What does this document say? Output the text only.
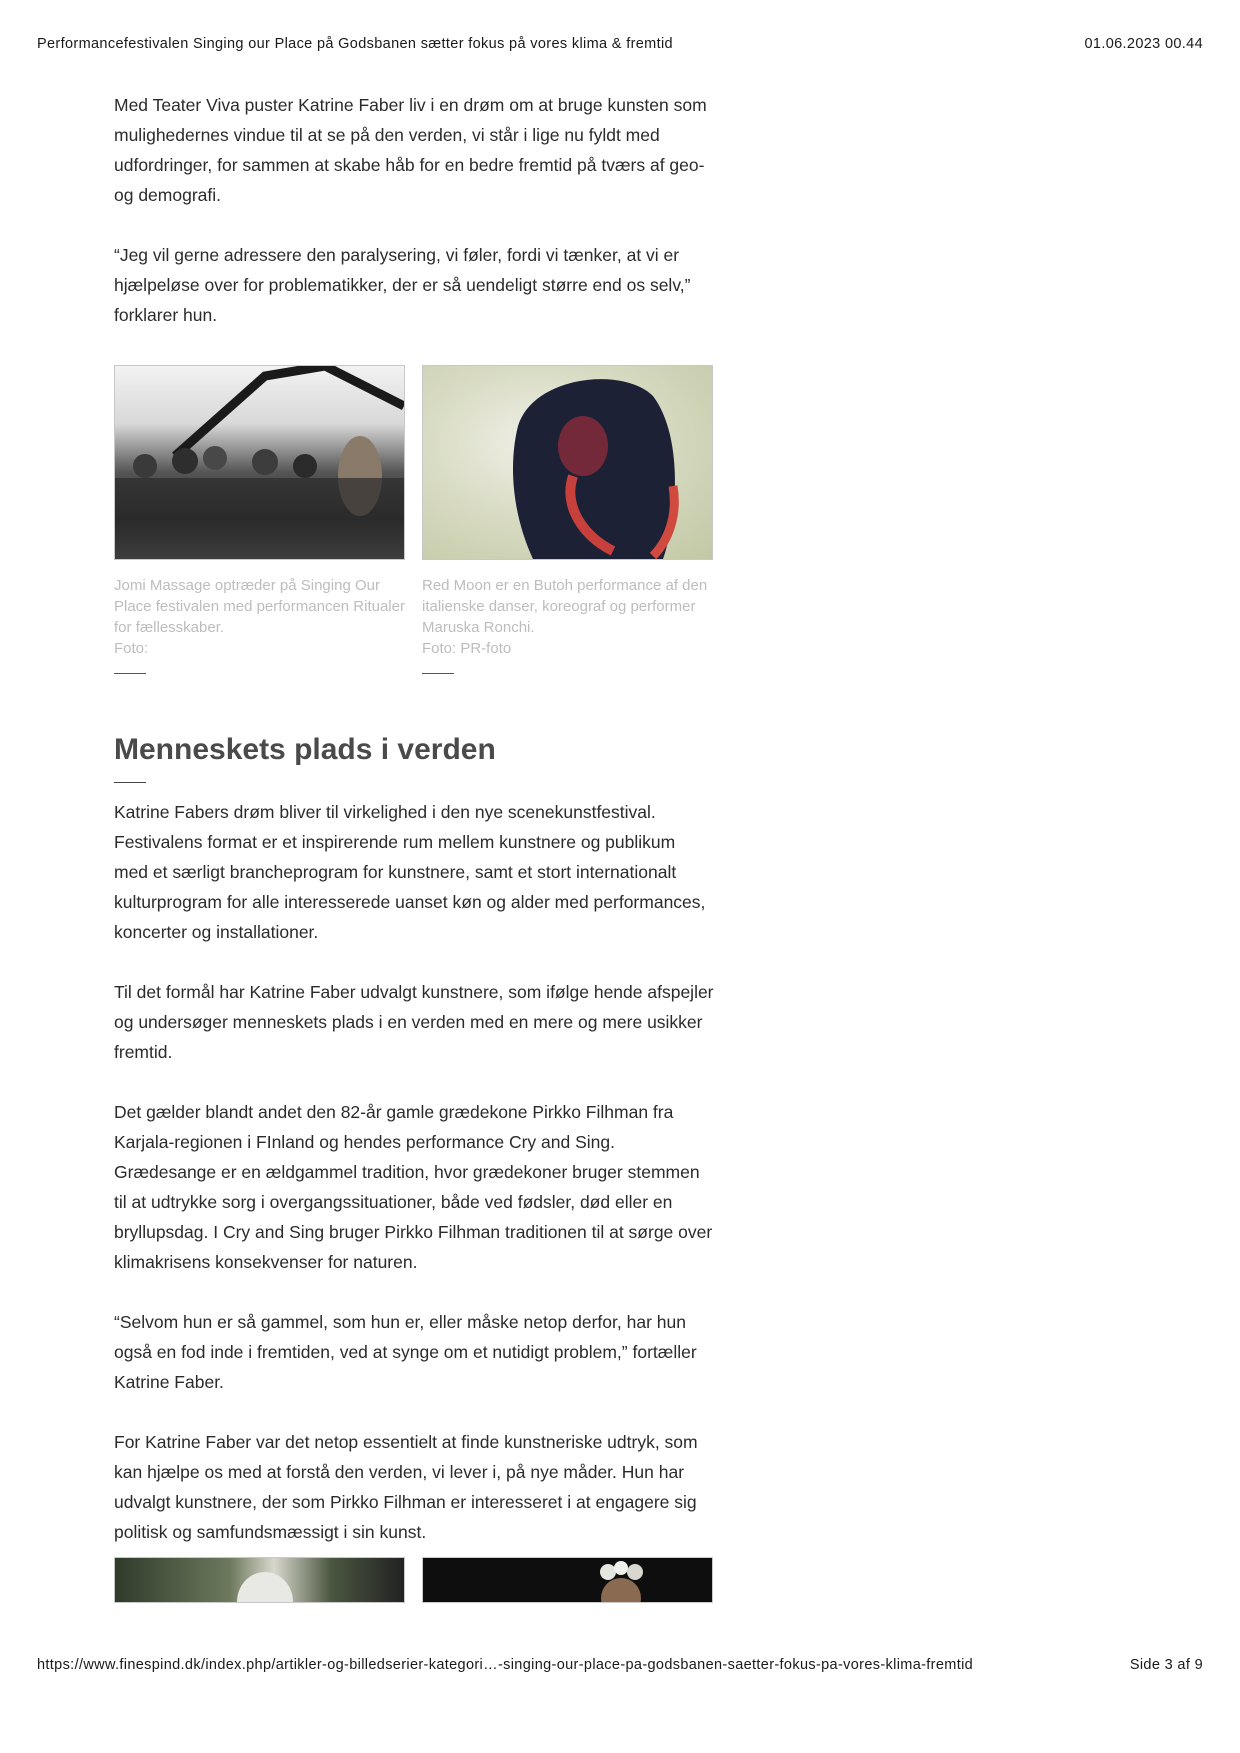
Performancefestivalen Singing our Place på Godsbanen sætter fokus på vores klima & fremtid	01.06.2023 00.44

Med Teater Viva puster Katrine Faber liv i en drøm om at bruge kunsten som mulighedernes vindue til at se på den verden, vi står i lige nu fyldt med udfordringer, for sammen at skabe håb for en bedre fremtid på tværs af geo- og demografi.

“Jeg vil gerne adressere den paralysering, vi føler, fordi vi tænker, at vi er hjælpeløse over for problematikker, der er så uendeligt større end os selv,” forklarer hun.

Jomi Massage optræder på Singing Our Place festivalen med performancen Ritualer for fællesskaber.
Foto:
Red Moon er en Butoh performance af den italienske danser, koreograf og performer Maruska Ronchi.
Foto: PR-foto
Menneskets plads i verden

Katrine Fabers drøm bliver til virkelighed i den nye scenekunstfestival. Festivalens format er et inspirerende rum mellem kunstnere og publikum med et særligt brancheprogram for kunstnere, samt et stort internationalt kulturprogram for alle interesserede uanset køn og alder med performances, koncerter og installationer.

Til det formål har Katrine Faber udvalgt kunstnere, som ifølge hende afspejler og undersøger menneskets plads i en verden med en mere og mere usikker fremtid.

Det gælder blandt andet den 82-år gamle grædekone Pirkko Filhman fra Karjala-regionen i FInland og hendes performance Cry and Sing. Grædesange er en ældgammel tradition, hvor grædekoner bruger stemmen til at udtrykke sorg i overgangssituationer, både ved fødsler, død eller en bryllupsdag. I Cry and Sing bruger Pirkko Filhman traditionen til at sørge over klimakrisens konsekvenser for naturen.

“Selvom hun er så gammel, som hun er, eller måske netop derfor, har hun også en fod inde i fremtiden, ved at synge om et nutidigt problem,” fortæller Katrine Faber.

For Katrine Faber var det netop essentielt at finde kunstneriske udtryk, som kan hjælpe os med at forstå den verden, vi lever i, på nye måder. Hun har udvalgt kunstnere, der som Pirkko Filhman er interesseret i at engagere sig politisk og samfundsmæssigt i sin kunst.

https://www.finespind.dk/index.php/artikler-og-billedserier-kategori…-singing-our-place-pa-godsbanen-saetter-fokus-pa-vores-klima-fremtid	Side 3 af 9
